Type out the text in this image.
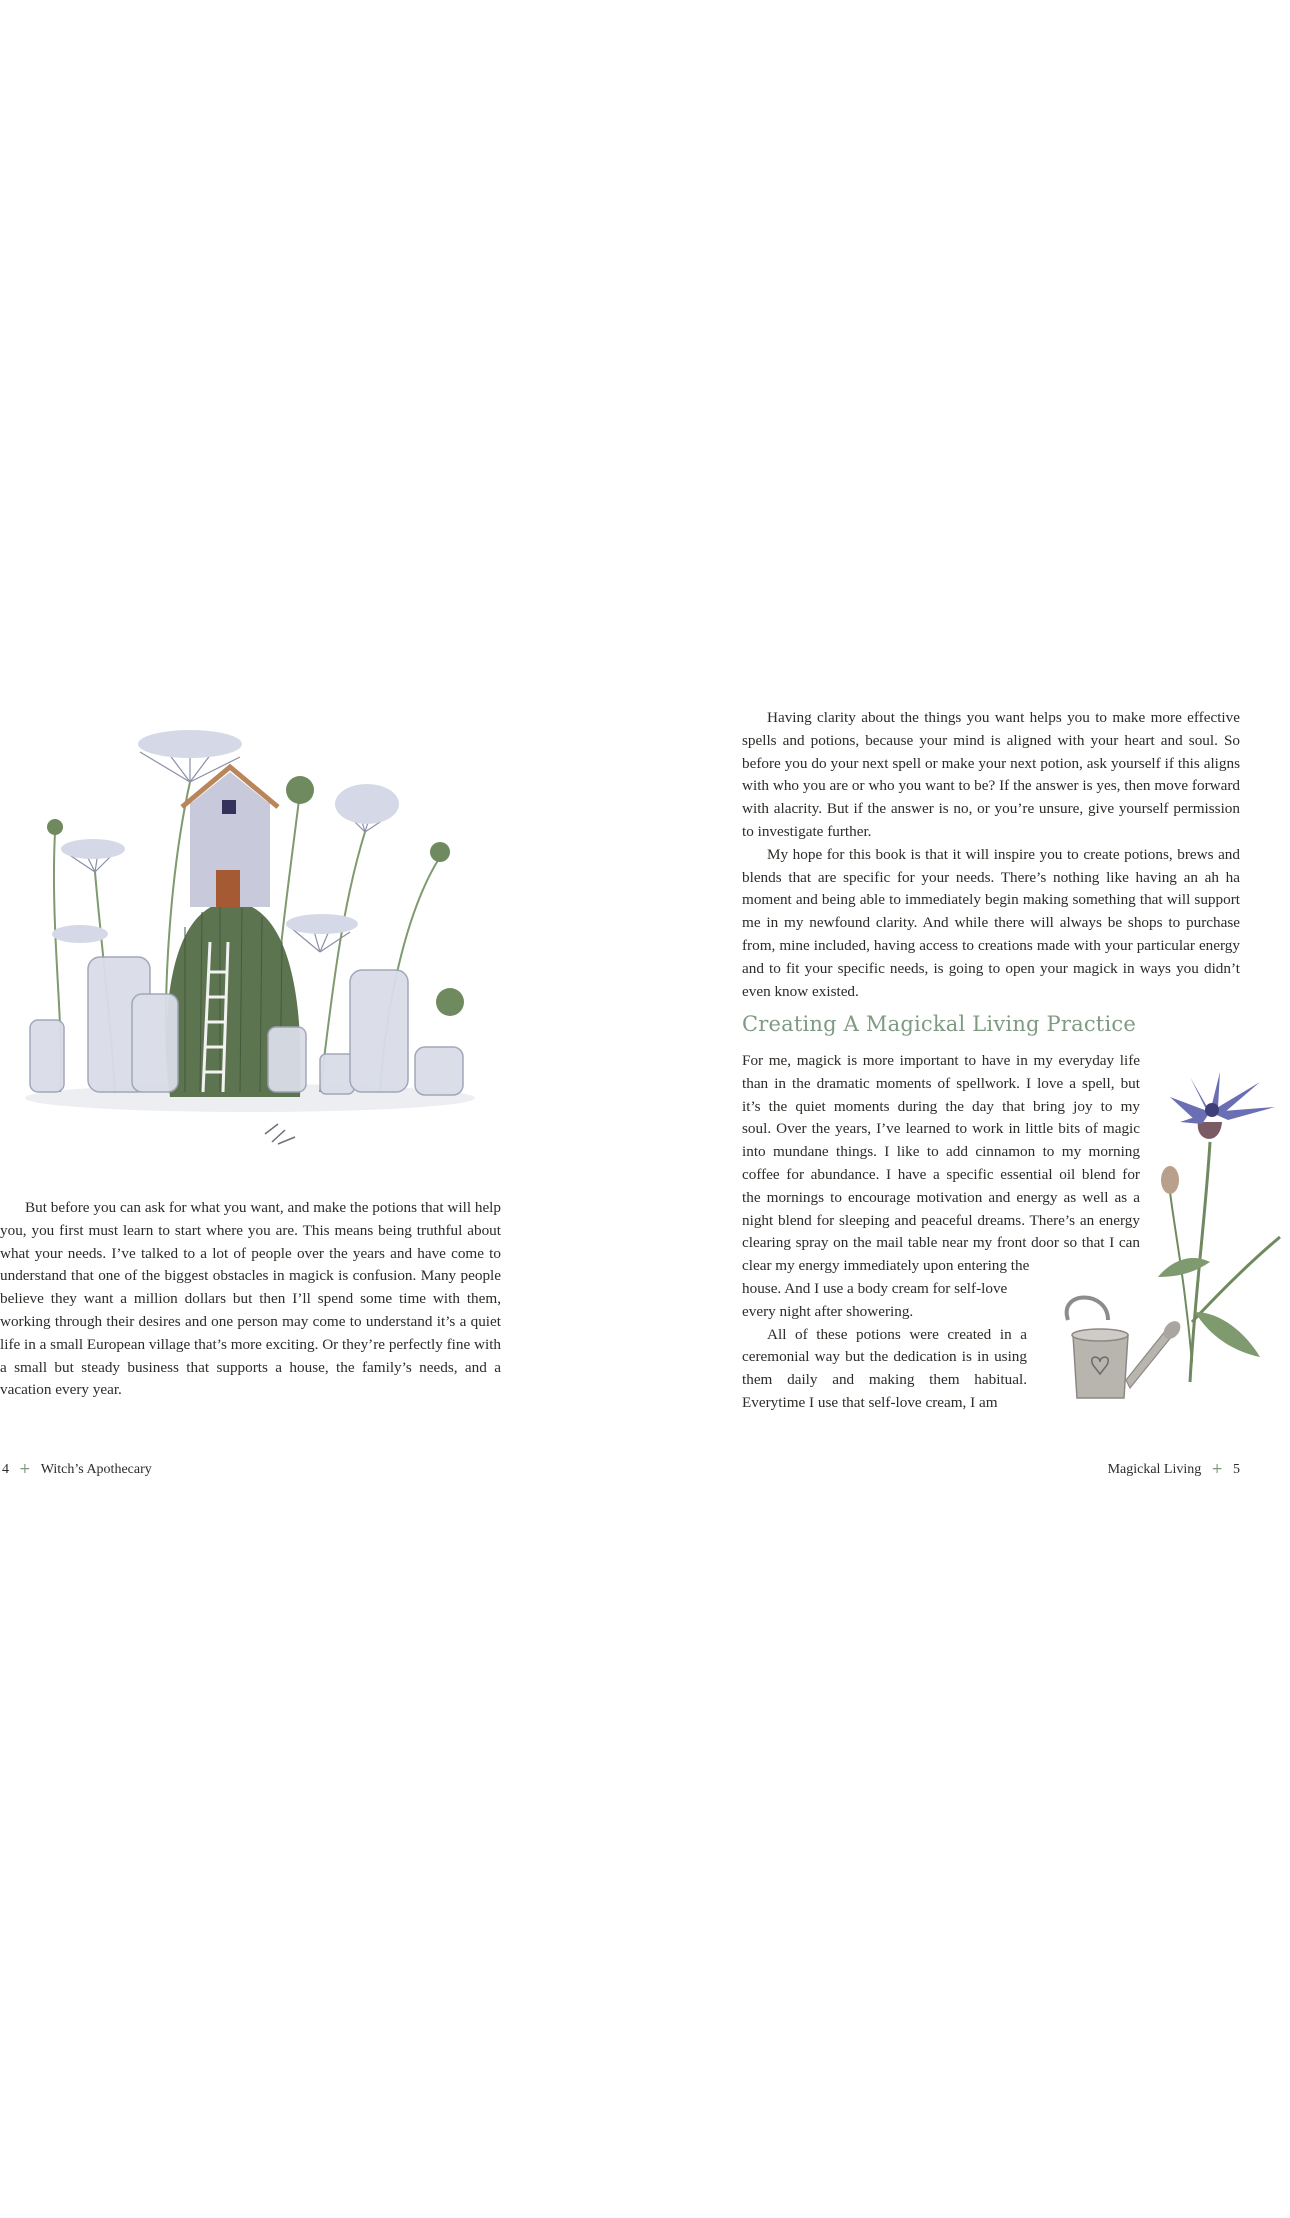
But before you can ask for what you want, and make the potions that will help you, you first must learn to start where you are. This means being truthful about what your needs. I’ve talked to a lot of people over the years and have come to understand that one of the biggest obstacles in magick is confusion. Many people believe they want a million dollars but then I’ll spend some time with them, working through their desires and one person may come to understand it’s a quiet life in a small European village that’s more exciting. Or they’re perfectly fine with a small but steady business that supports a house, the family’s needs, and a vacation every year.

4 + Witch’s Apothecary

Having clarity about the things you want helps you to make more effective spells and potions, because your mind is aligned with your heart and soul. So before you do your next spell or make your next potion, ask yourself if this aligns with who you are or who you want to be? If the answer is yes, then move forward with alacrity. But if the answer is no, or you’re unsure, give yourself permission to investigate further.

My hope for this book is that it will inspire you to create potions, brews and blends that are specific for your needs. There’s nothing like having an ah ha moment and being able to immediately begin making something that will support me in my newfound clarity. And while there will always be shops to purchase from, mine included, having access to creations made with your particular energy and to fit your specific needs, is going to open your magick in ways you didn’t even know existed.

Creating A Magickal Living Practice

For me, magick is more important to have in my everyday life

than in the dramatic moments of spellwork. I love a spell, but

it’s the quiet moments during the day that bring joy to my

soul. Over the years, I’ve learned to work in little bits of magic

into mundane things. I like to add cinnamon to my morning

coffee for abundance. I have a specific essential oil blend for

the mornings to encourage motivation and energy as well as a

night blend for sleeping and peaceful dreams. There’s an energy

clearing spray on the mail table near my front door so that I can

clear my energy immediately upon entering the

house. And I use a body cream for self-love

every night after showering.

All of these potions were created in a

ceremonial way but the dedication is in using

them daily and making them habitual.

Everytime I use that self-love cream, I am

Magickal Living + 5
